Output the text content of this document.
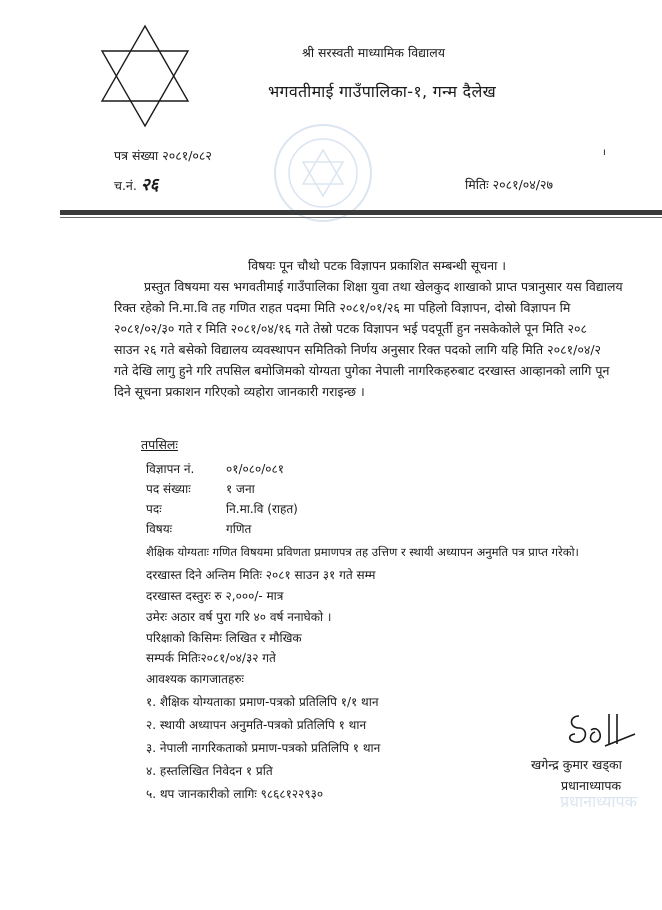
श्री सरस्वती माध्यामिक विद्यालय
भगवतीमाई गाउँपालिका-१, गन्म दैलेख
पत्र संख्या २०८१/०८२
च.नं. २६
ı
मितिः २०८१/०४/२७
विषयः पून चौथो पटक विज्ञापन प्रकाशित सम्बन्धी सूचना ।
प्रस्तुत विषयमा यस भगवतीमाई गाउँपालिका शिक्षा युवा तथा खेलकुद शाखाको प्राप्त पत्रानुसार यस विद्यालय
रिक्त रहेको नि.मा.वि तह गणित राहत पदमा मिति २०८१/०१/२६ मा पहिलो विज्ञापन, दोस्रो विज्ञापन मि
२०८१/०२/३० गते र मिति २०८१/०४/१६ गते तेस्रो पटक विज्ञापन भई पदपूर्ती हुन नसकेकोले पून मिति २०८
साउन २६ गते बसेको विद्यालय व्यवस्थापन समितिको निर्णय अनुसार रिक्त पदको लागि यहि मिति २०८१/०४/२
गते देखि लागु हुने गरि तपसिल बमोजिमको योग्यता पुगेका नेपाली नागरिकहरुबाट दरखास्त आव्हानको लागि पून
दिने सूचना प्रकाशन गरिएको व्यहोरा जानकारी गराइन्छ ।
तपसिलः
विज्ञापन नं.	०१/०८०/०८१
पद संख्याः	१ जना
पदः	नि.मा.वि (राहत)
विषयः	गणित
शैक्षिक योग्यताः गणित विषयमा प्रविणता प्रमाणपत्र तह उत्तिण र स्थायी अध्यापन अनुमति पत्र प्राप्त गरेको।
दरखास्त दिने अन्तिम मितिः २०८१ साउन ३१ गते सम्म
दरखास्त दस्तुरः रु २,०००/- मात्र
उमेरः अठार वर्ष पुरा गरि ४० वर्ष ननाघेको ।
परिक्षाको किसिमः लिखित र मौखिक
सम्पर्क मितिः२०८१/०४/३२ गते
आवश्यक कागजातहरुः
१. शैक्षिक योग्यताका प्रमाण-पत्रको प्रतिलिपि १/१ थान
२. स्थायी अध्यापन अनुमति-पत्रको प्रतिलिपि १ थान
३. नेपाली नागरिकताको प्रमाण-पत्रको प्रतिलिपि १ थान
४. हस्तलिखित निवेदन १ प्रति
५. थप जानकारीको लागिः ९८६८१२२९३०	प्रधानाध्यापक
खगेन्द्र कुमार खड्का
प्रधानाध्यापक
